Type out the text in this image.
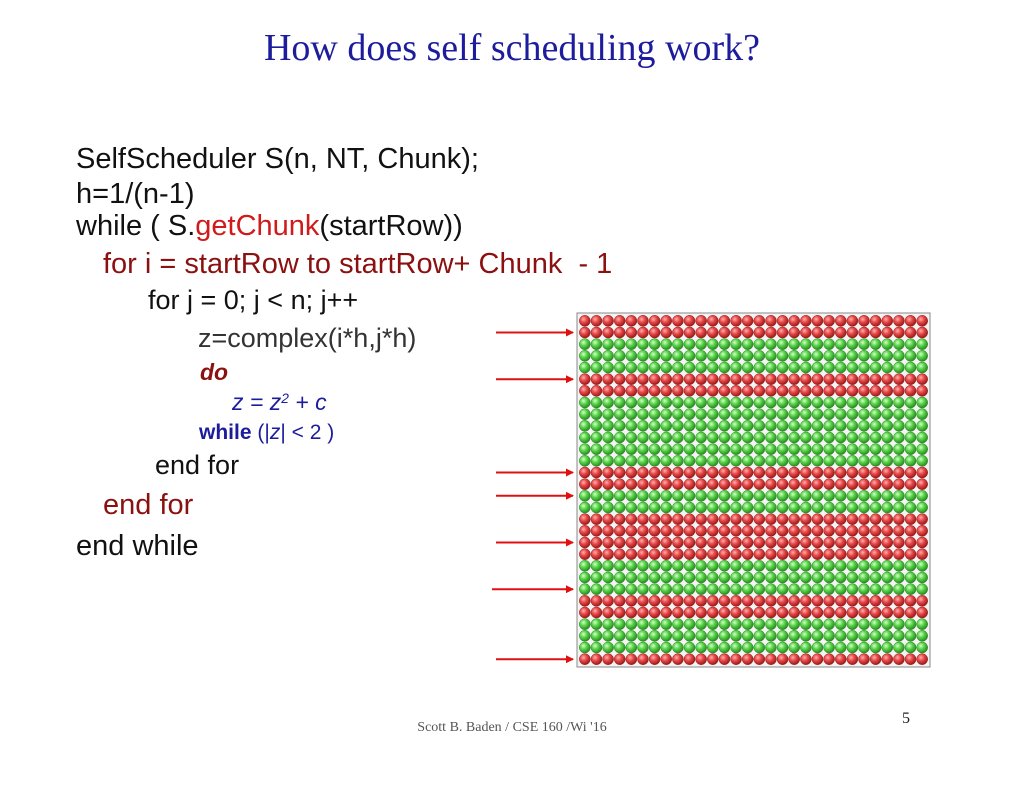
How does self scheduling work?
SelfScheduler S(n, NT, Chunk);
h=1/(n-1)
while ( S.getChunk(startRow))
for i = startRow to startRow+ Chunk  - 1
for j = 0; j < n; j++
z=complex(i*h,j*h)
do
$z = z^2 + c$
while (|z| < 2 )
end for
end for
end while
Scott B. Baden / CSE 160 /Wi '16
5
